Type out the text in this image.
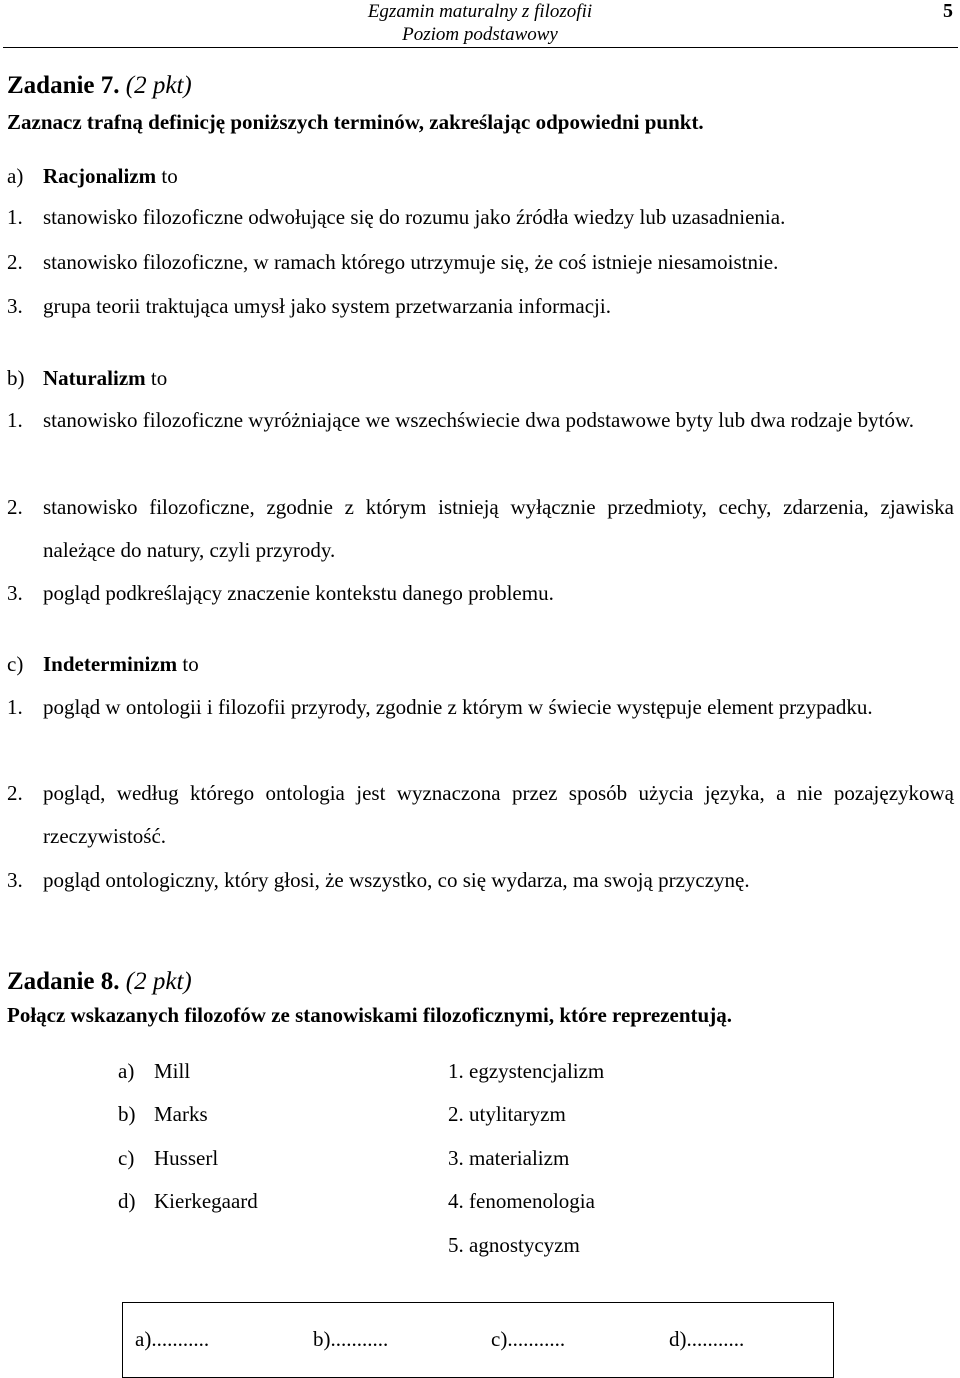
Egzamin maturalny z filozofii
Poziom podstawowy
5
Zadanie 7. (2 pkt)
Zaznacz trafną definicję poniższych terminów, zakreślając odpowiedni punkt.
a) Racjonalizm to
1. stanowisko filozoficzne odwołujące się do rozumu jako źródła wiedzy lub uzasadnienia.
2. stanowisko filozoficzne, w ramach którego utrzymuje się, że coś istnieje niesamoistnie.
3. grupa teorii traktująca umysł jako system przetwarzania informacji.
b) Naturalizm to
1. stanowisko filozoficzne wyróżniające we wszechświecie dwa podstawowe byty lub dwa rodzaje bytów.
2. stanowisko filozoficzne, zgodnie z którym istnieją wyłącznie przedmioty, cechy, zdarzenia, zjawiska należące do natury, czyli przyrody.
3. pogląd podkreślający znaczenie kontekstu danego problemu.
c) Indeterminizm to
1. pogląd w ontologii i filozofii przyrody, zgodnie z którym w świecie występuje element przypadku.
2. pogląd, według którego ontologia jest wyznaczona przez sposób użycia języka, a nie pozajęzykową rzeczywistość.
3. pogląd ontologiczny, który głosi, że wszystko, co się wydarza, ma swoją przyczynę.
Zadanie 8. (2 pkt)
Połącz wskazanych filozofów ze stanowiskami filozoficznymi, które reprezentują.
a) Mill
b) Marks
c) Husserl
d) Kierkegaard
1. egzystencjalizm
2. utylitaryzm
3. materializm
4. fenomenologia
5. agnostycyzm
a)...........	b)...........	c)...........	d)...........
